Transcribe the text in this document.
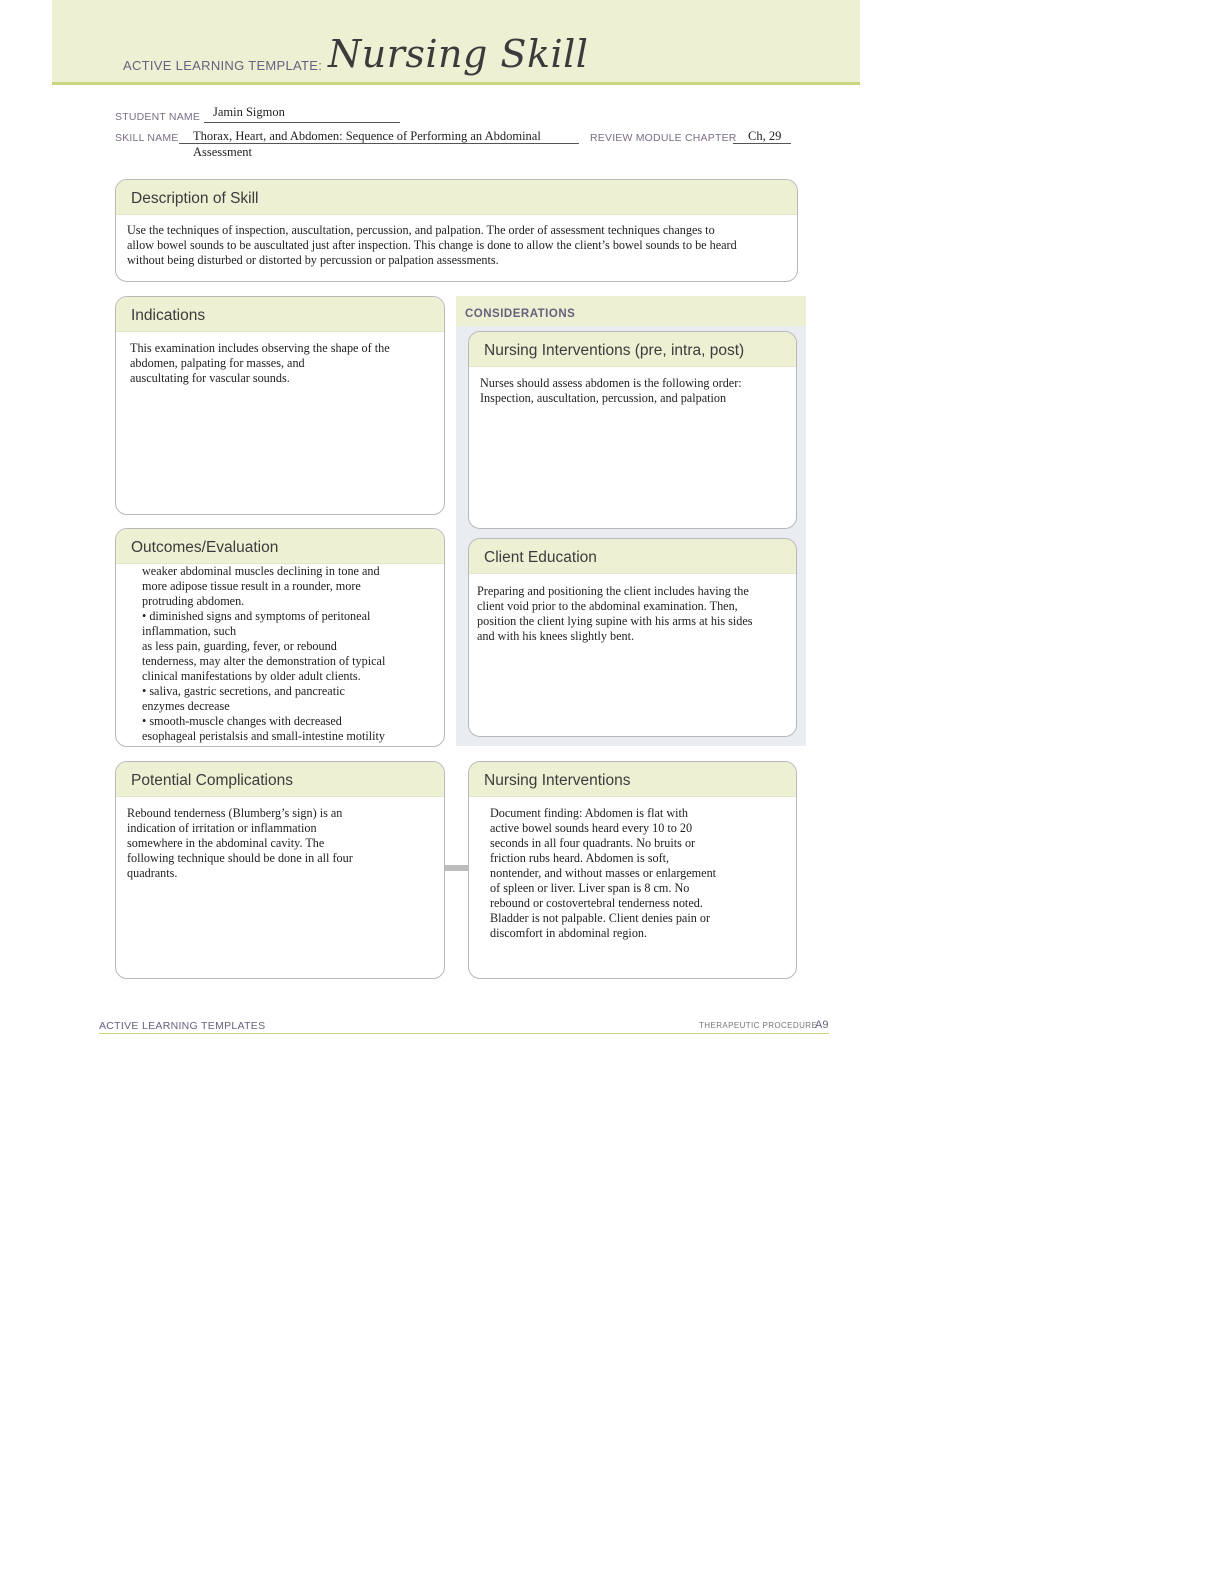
ACTIVE LEARNING TEMPLATE: Nursing Skill
STUDENT NAME Jamin Sigmon
SKILL NAME Thorax, Heart, and Abdomen: Sequence of Performing an Abdominal
Assessment
REVIEW MODULE CHAPTER Ch, 29
Description of Skill
Use the techniques of inspection, auscultation, percussion, and palpation. The order of assessment techniques changes to
allow bowel sounds to be auscultated just after inspection. This change is done to allow the client’s bowel sounds to be heard
without being disturbed or distorted by percussion or palpation assessments.
CONSIDERATIONS
Indications
This examination includes observing the shape of the
abdomen, palpating for masses, and
auscultating for vascular sounds.
Nursing Interventions (pre, intra, post)
Nurses should assess abdomen is the following order:
Inspection, auscultation, percussion, and palpation
Outcomes/Evaluation
weaker abdominal muscles declining in tone and
more adipose tissue result in a rounder, more
protruding abdomen.
• diminished signs and symptoms of peritoneal
inflammation, such
as less pain, guarding, fever, or rebound
tenderness, may alter the demonstration of typical
clinical manifestations by older adult clients.
• saliva, gastric secretions, and pancreatic
enzymes decrease
• smooth-muscle changes with decreased
esophageal peristalsis and small-intestine motility
Client Education
Preparing and positioning the client includes having the
client void prior to the abdominal examination. Then,
position the client lying supine with his arms at his sides
and with his knees slightly bent.
Potential Complications
Rebound tenderness (Blumberg’s sign) is an
indication of irritation or inflammation
somewhere in the abdominal cavity. The
following technique should be done in all four
quadrants.
Nursing Interventions
Document finding: Abdomen is flat with
active bowel sounds heard every 10 to 20
seconds in all four quadrants. No bruits or
friction rubs heard. Abdomen is soft,
nontender, and without masses or enlargement
of spleen or liver. Liver span is 8 cm. No
rebound or costovertebral tenderness noted.
Bladder is not palpable. Client denies pain or
discomfort in abdominal region.
ACTIVE LEARNING TEMPLATES	THERAPEUTIC PROCEDURE
A9
